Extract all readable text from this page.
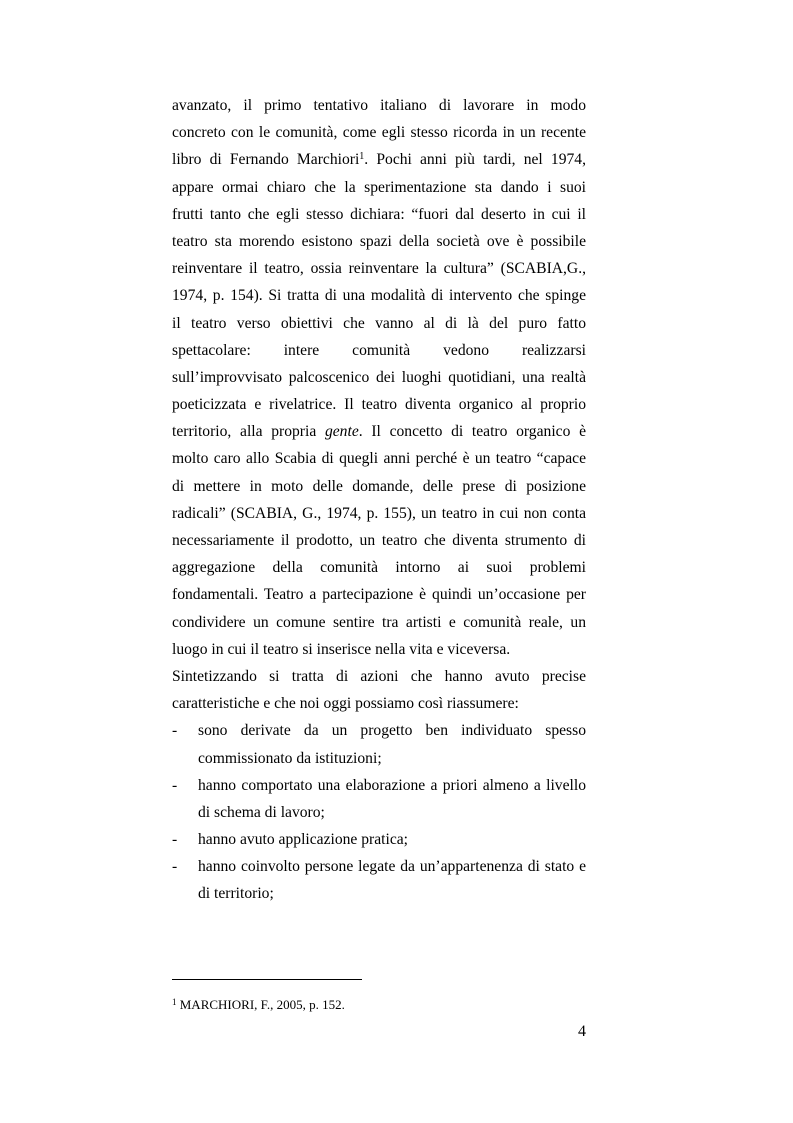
avanzato, il primo tentativo italiano di lavorare in modo
concreto con le comunità, come egli stesso ricorda in un recente
libro di Fernando Marchiori$^1$. Pochi anni più tardi, nel 1974,
appare ormai chiaro che la sperimentazione sta dando i suoi
frutti tanto che egli stesso dichiara: “fuori dal deserto in cui il
teatro sta morendo esistono spazi della società ove è possibile
reinventare il teatro, ossia reinventare la cultura” (SCABIA,G.,
1974, p. 154). Si tratta di una modalità di intervento che spinge
il teatro verso obiettivi che vanno al di là del puro fatto
spettacolare: intere comunità vedono realizzarsi
sull’improvvisato palcoscenico dei luoghi quotidiani, una realtà
poeticizzata e rivelatrice. Il teatro diventa organico al proprio
territorio, alla propria gente. Il concetto di teatro organico è
molto caro allo Scabia di quegli anni perché è un teatro “capace
di mettere in moto delle domande, delle prese di posizione
radicali” (SCABIA, G., 1974, p. 155), un teatro in cui non conta
necessariamente il prodotto, un teatro che diventa strumento di
aggregazione della comunità intorno ai suoi problemi
fondamentali. Teatro a partecipazione è quindi un’occasione per
condividere un comune sentire tra artisti e comunità reale, un
luogo in cui il teatro si inserisce nella vita e viceversa.
Sintetizzando si tratta di azioni che hanno avuto precise
caratteristiche e che noi oggi possiamo così riassumere:
-	sono derivate da un progetto ben individuato spesso
commissionato da istituzioni;
-	hanno comportato una elaborazione a priori almeno a livello
di schema di lavoro;
-	hanno avuto applicazione pratica;
-	hanno coinvolto persone legate da un’appartenenza di stato e
di territorio;
$^1$ MARCHIORI, F., 2005, p. 152.
4
